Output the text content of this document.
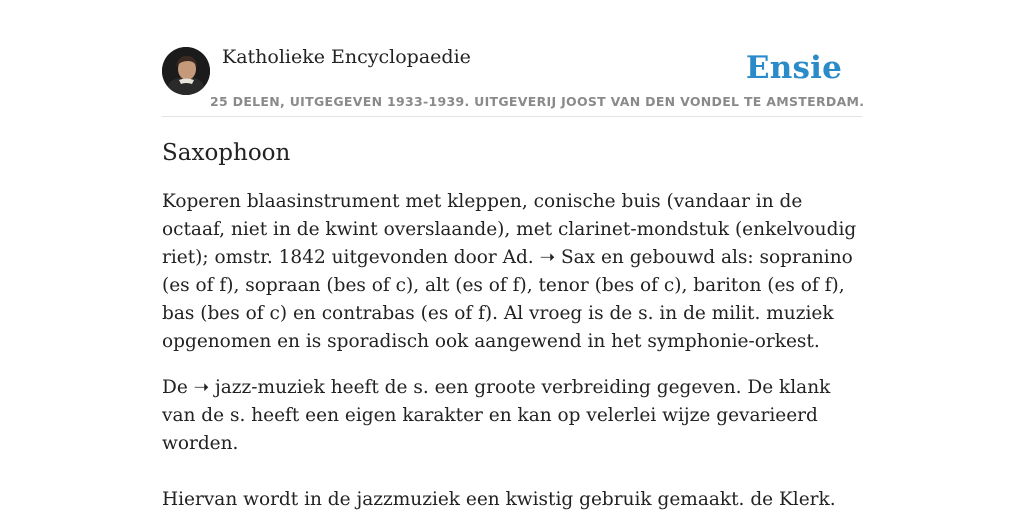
Katholieke Encyclopaedie	Ensie
25 DELEN, UITGEGEVEN 1933-1939. UITGEVERIJ JOOST VAN DEN VONDEL TE AMSTERDAM.
Saxophoon

Koperen blaasinstrument met kleppen, conische buis (vandaar in de octaaf, niet in de kwint overslaande), met clarinet-mondstuk (enkelvoudig riet); omstr. 1842 uitgevonden door Ad. ➝ Sax en gebouwd als: sopranino (es of f), sopraan (bes of c), alt (es of f), tenor (bes of c), bariton (es of f), bas (bes of c) en contrabas (es of f). Al vroeg is de s. in de milit. muziek opgenomen en is sporadisch ook aangewend in het symphonie-orkest.

De ➝ jazz-muziek heeft de s. een groote verbreiding gegeven. De klank van de s. heeft een eigen karakter en kan op velerlei wijze gevarieerd worden.

Hiervan wordt in de jazzmuziek een kwistig gebruik gemaakt. de Klerk.
